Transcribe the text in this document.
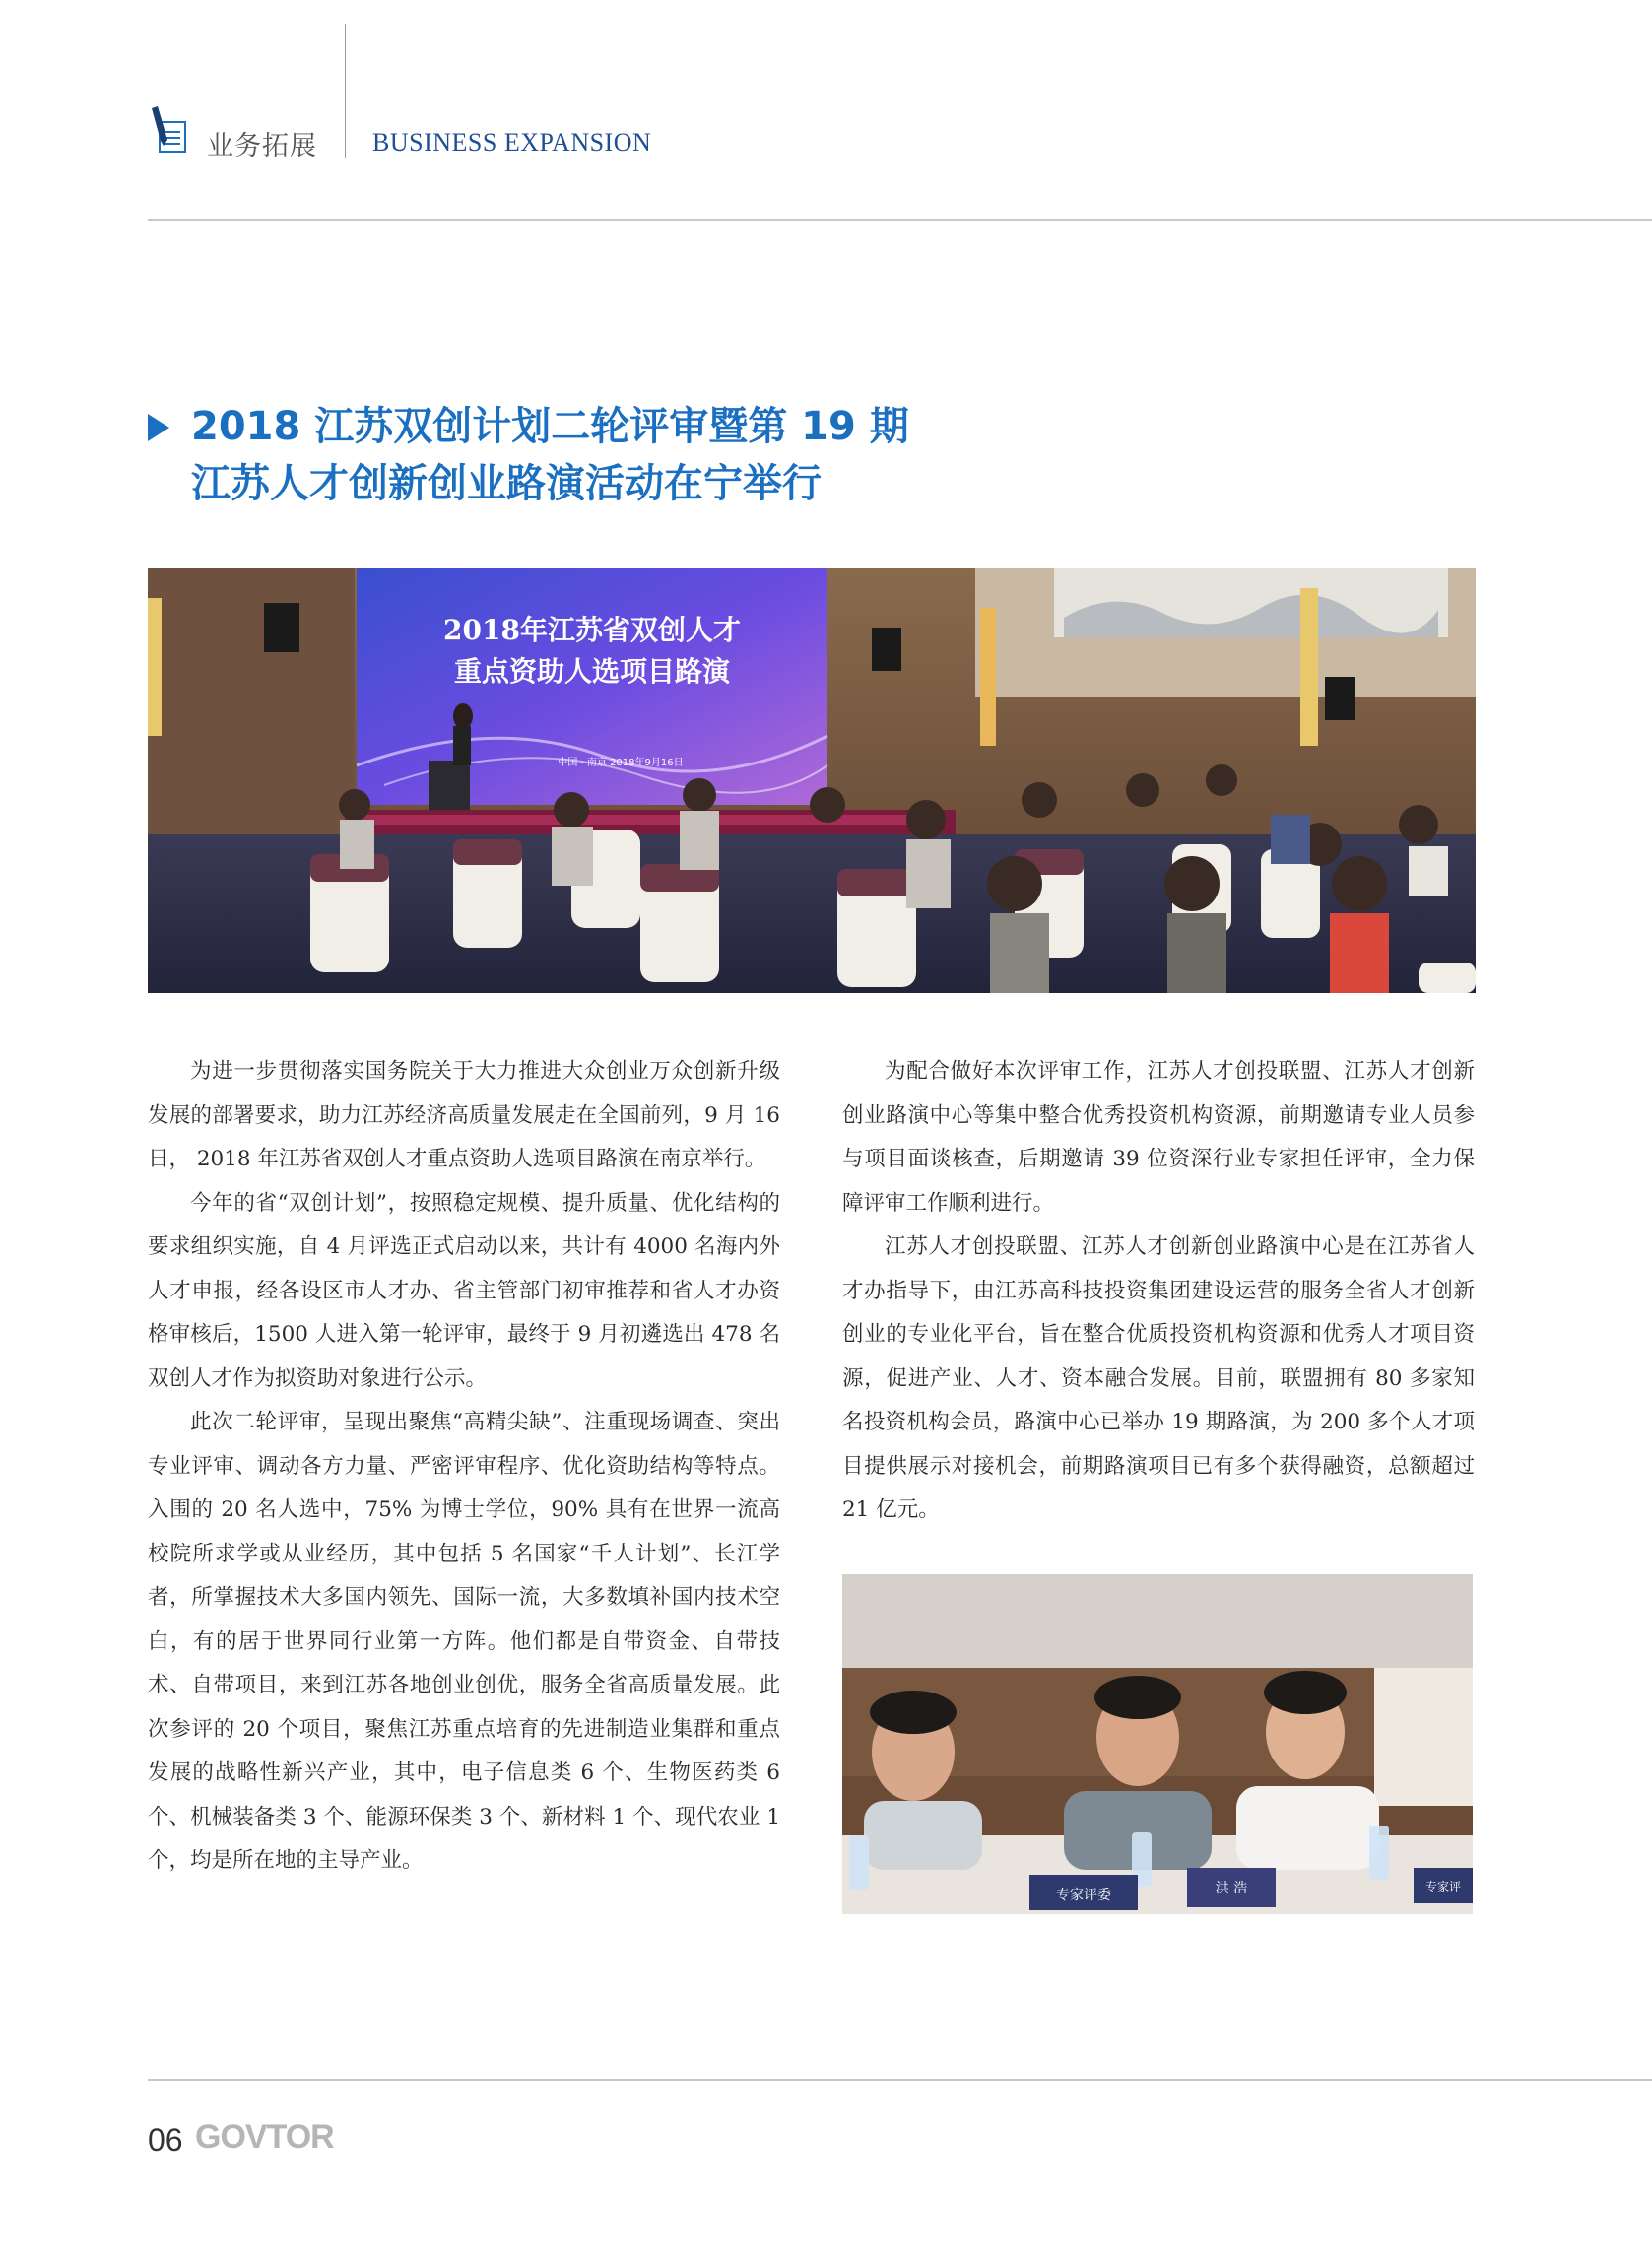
业务拓展 BUSINESS EXPANSION
2018 江苏双创计划二轮评审暨第 19 期
江苏人才创新创业路演活动在宁举行
2018年江苏省双创人才
重点资助人选项目路演
中国 · 南京 2018年9月16日

为进一步贯彻落实国务院关于大力推进大众创业万众创新升级发展的部署要求，助力江苏经济高质量发展走在全国前列，9 月 16 日， 2018 年江苏省双创人才重点资助人选项目路演在南京举行。

今年的省“双创计划”，按照稳定规模、提升质量、优化结构的要求组织实施，自 4 月评选正式启动以来，共计有 4000 名海内外人才申报，经各设区市人才办、省主管部门初审推荐和省人才办资格审核后，1500 人进入第一轮评审，最终于 9 月初遴选出 478 名双创人才作为拟资助对象进行公示。

此次二轮评审，呈现出聚焦“高精尖缺”、注重现场调查、突出专业评审、调动各方力量、严密评审程序、优化资助结构等特点。入围的 20 名人选中，75% 为博士学位，90% 具有在世界一流高校院所求学或从业经历，其中包括 5 名国家“千人计划”、长江学者，所掌握技术大多国内领先、国际一流，大多数填补国内技术空白，有的居于世界同行业第一方阵。他们都是自带资金、自带技术、自带项目，来到江苏各地创业创优，服务全省高质量发展。此次参评的 20 个项目，聚焦江苏重点培育的先进制造业集群和重点发展的战略性新兴产业，其中，电子信息类 6 个、生物医药类 6 个、机械装备类 3 个、能源环保类 3 个、新材料 1 个、现代农业 1 个，均是所在地的主导产业。

为配合做好本次评审工作，江苏人才创投联盟、江苏人才创新创业路演中心等集中整合优秀投资机构资源，前期邀请专业人员参与项目面谈核查，后期邀请 39 位资深行业专家担任评审，全力保障评审工作顺利进行。

江苏人才创投联盟、江苏人才创新创业路演中心是在江苏省人才办指导下，由江苏高科技投资集团建设运营的服务全省人才创新创业的专业化平台，旨在整合优质投资机构资源和优秀人才项目资源，促进产业、人才、资本融合发展。目前，联盟拥有 80 多家知名投资机构会员，路演中心已举办 19 期路演，为 200 多个人才项目提供展示对接机会，前期路演项目已有多个获得融资，总额超过 21 亿元。

专家评委	洪 浩	专家评
06 GOVTOR
